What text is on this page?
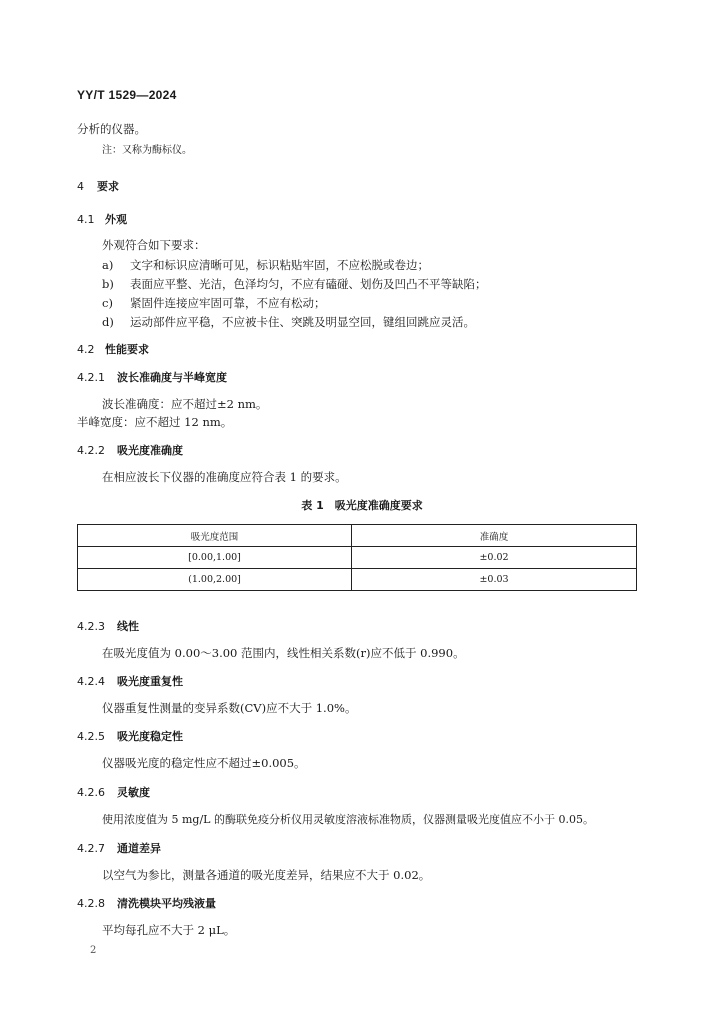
YY/T 1529—2024
分析的仪器。
注：又称为酶标仪。
4 要求
4.1 外观
外观符合如下要求：
a) 文字和标识应清晰可见，标识粘贴牢固，不应松脱或卷边；
b) 表面应平整、光洁，色泽均匀，不应有磕碰、划伤及凹凸不平等缺陷；
c) 紧固件连接应牢固可靠，不应有松动；
d) 运动部件应平稳，不应被卡住、突跳及明显空回，键组回跳应灵活。
4.2 性能要求
4.2.1 波长准确度与半峰宽度
波长准确度：应不超过±2 nm。
半峰宽度：应不超过 12 nm。
4.2.2 吸光度准确度
在相应波长下仪器的准确度应符合表 1 的要求。
表 1　吸光度准确度要求
吸光度范围	准确度
[0.00,1.00]	±0.02
(1.00,2.00]	±0.03
4.2.3 线性
在吸光度值为 0.00～3.00 范围内，线性相关系数(r)应不低于 0.990。
4.2.4 吸光度重复性
仪器重复性测量的变异系数(CV)应不大于 1.0%。
4.2.5 吸光度稳定性
仪器吸光度的稳定性应不超过±0.005。
4.2.6 灵敏度
使用浓度值为 5 mg/L 的酶联免疫分析仪用灵敏度溶液标准物质，仪器测量吸光度值应不小于 0.05。
4.2.7 通道差异
以空气为参比，测量各通道的吸光度差异，结果应不大于 0.02。
4.2.8 清洗模块平均残液量
平均每孔应不大于 2 μL。
2
